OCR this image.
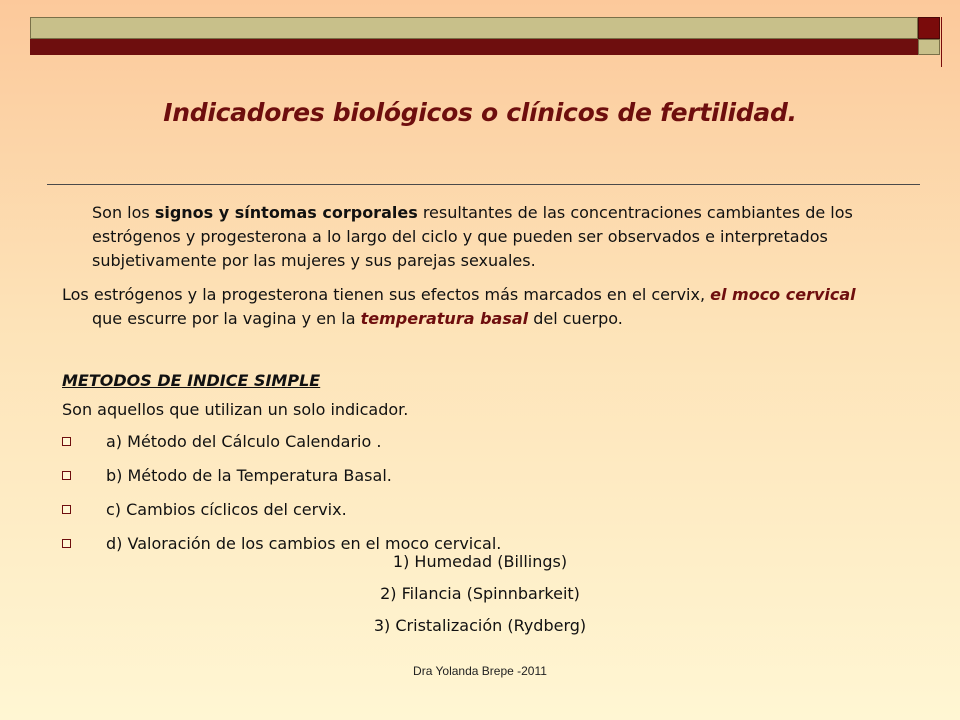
Indicadores biológicos o clínicos de fertilidad.
Son los signos y síntomas corporales resultantes de las concentraciones cambiantes de los
estrógenos y progesterona a lo largo del ciclo y que pueden ser observados e interpretados
subjetivamente por las mujeres y sus parejas sexuales.
Los estrógenos y la progesterona tienen sus efectos más marcados en el cervix, el moco cervical
que escurre por la vagina y en la temperatura basal del cuerpo.
METODOS DE INDICE SIMPLE
Son aquellos que utilizan un solo indicador.
a) Método del Cálculo Calendario .
b) Método de la Temperatura Basal.
c) Cambios cíclicos del cervix.
d) Valoración de los cambios en el moco cervical.
1) Humedad (Billings)
2) Filancia (Spinnbarkeit)
3) Cristalización (Rydberg)
Dra Yolanda Brepe -2011
